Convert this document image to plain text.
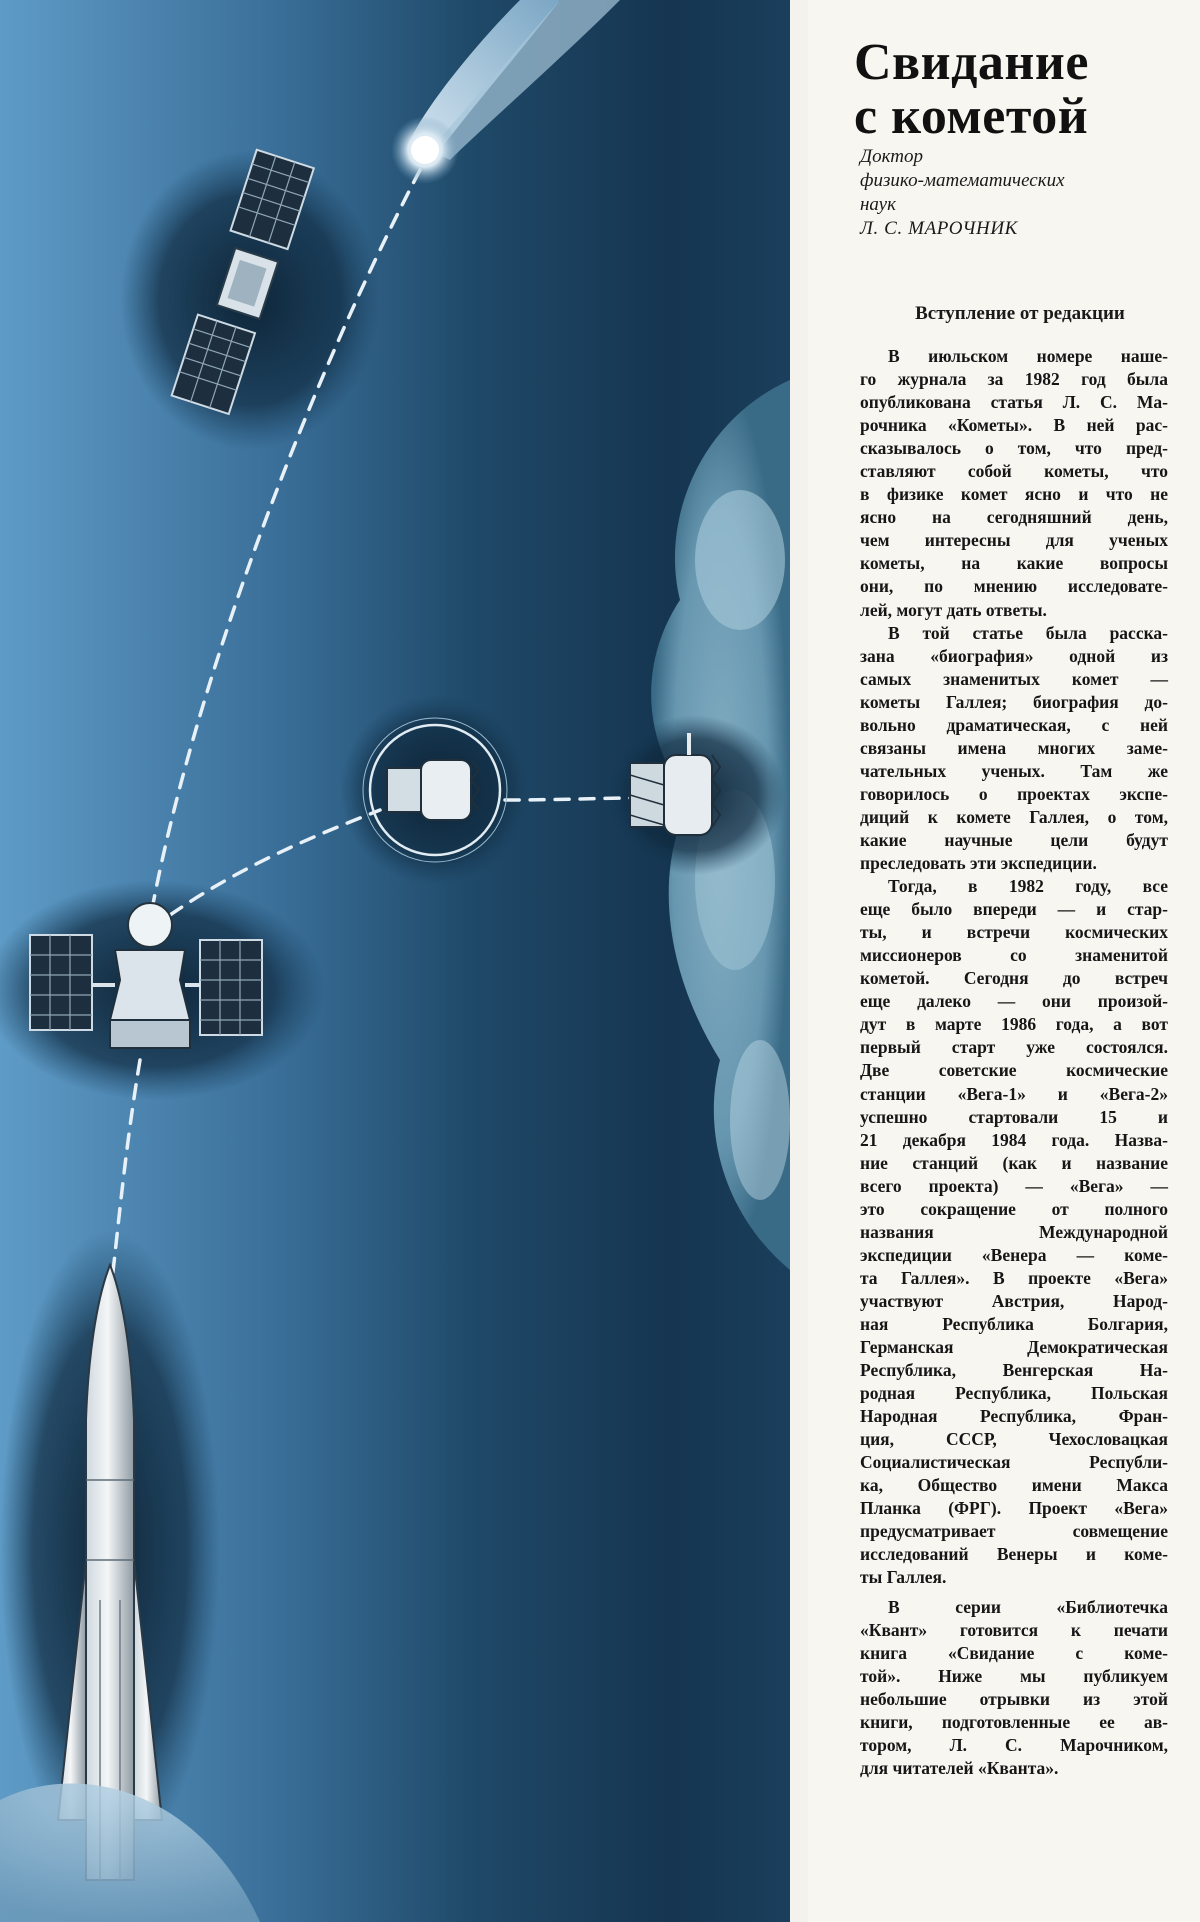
Свидание
с кометой
Доктор
физико-математических
наук
Л. С. МАРОЧНИК
Вступление от редакции
В июльском номере наше-
го журнала за 1982 год была
опубликована статья Л. С. Ма-
рочника «Кометы». В ней рас-
сказывалось о том, что пред-
ставляют собой кометы, что
в физике комет ясно и что не
ясно на сегодняшний день,
чем интересны для ученых
кометы, на какие вопросы
они, по мнению исследовате-
лей, могут дать ответы.
В той статье была расска-
зана «биография» одной из
самых знаменитых комет —
кометы Галлея; биография до-
вольно драматическая, с ней
связаны имена многих заме-
чательных ученых. Там же
говорилось о проектах экспе-
диций к комете Галлея, о том,
какие научные цели будут
преследовать эти экспедиции.
Тогда, в 1982 году, все
еще было впереди — и стар-
ты, и встречи космических
миссионеров со знаменитой
кометой. Сегодня до встреч
еще далеко — они произой-
дут в марте 1986 года, а вот
первый старт уже состоялся.
Две советские космические
станции «Вега-1» и «Вега-2»
успешно стартовали 15 и
21 декабря 1984 года. Назва-
ние станций (как и название
всего проекта) — «Вега» —
это сокращение от полного
названия Международной
экспедиции «Венера — коме-
та Галлея». В проекте «Вега»
участвуют Австрия, Народ-
ная Республика Болгария,
Германская Демократическая
Республика, Венгерская На-
родная Республика, Польская
Народная Республика, Фран-
ция, СССР, Чехословацкая
Социалистическая Республи-
ка, Общество имени Макса
Планка (ФРГ). Проект «Вега»
предусматривает совмещение
исследований Венеры и коме-
ты Галлея.
В серии «Библиотечка
«Квант» готовится к печати
книга «Свидание с коме-
той». Ниже мы публикуем
небольшие отрывки из этой
книги, подготовленные ее ав-
тором, Л. С. Марочником,
для читателей «Кванта».
